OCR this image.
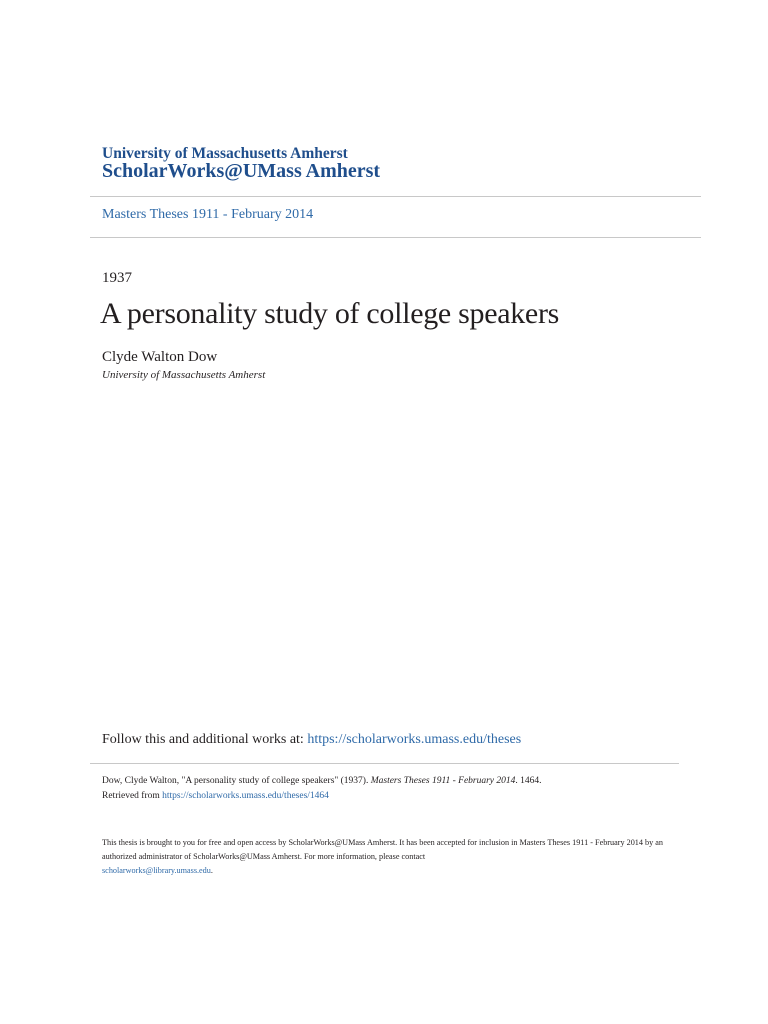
University of Massachusetts Amherst
ScholarWorks@UMass Amherst
Masters Theses 1911 - February 2014
1937
A personality study of college speakers
Clyde Walton Dow
University of Massachusetts Amherst
Follow this and additional works at: https://scholarworks.umass.edu/theses
Dow, Clyde Walton, "A personality study of college speakers" (1937). Masters Theses 1911 - February 2014. 1464.
Retrieved from https://scholarworks.umass.edu/theses/1464
This thesis is brought to you for free and open access by ScholarWorks@UMass Amherst. It has been accepted for inclusion in Masters Theses 1911 - February 2014 by an authorized administrator of ScholarWorks@UMass Amherst. For more information, please contact
scholarworks@library.umass.edu.
